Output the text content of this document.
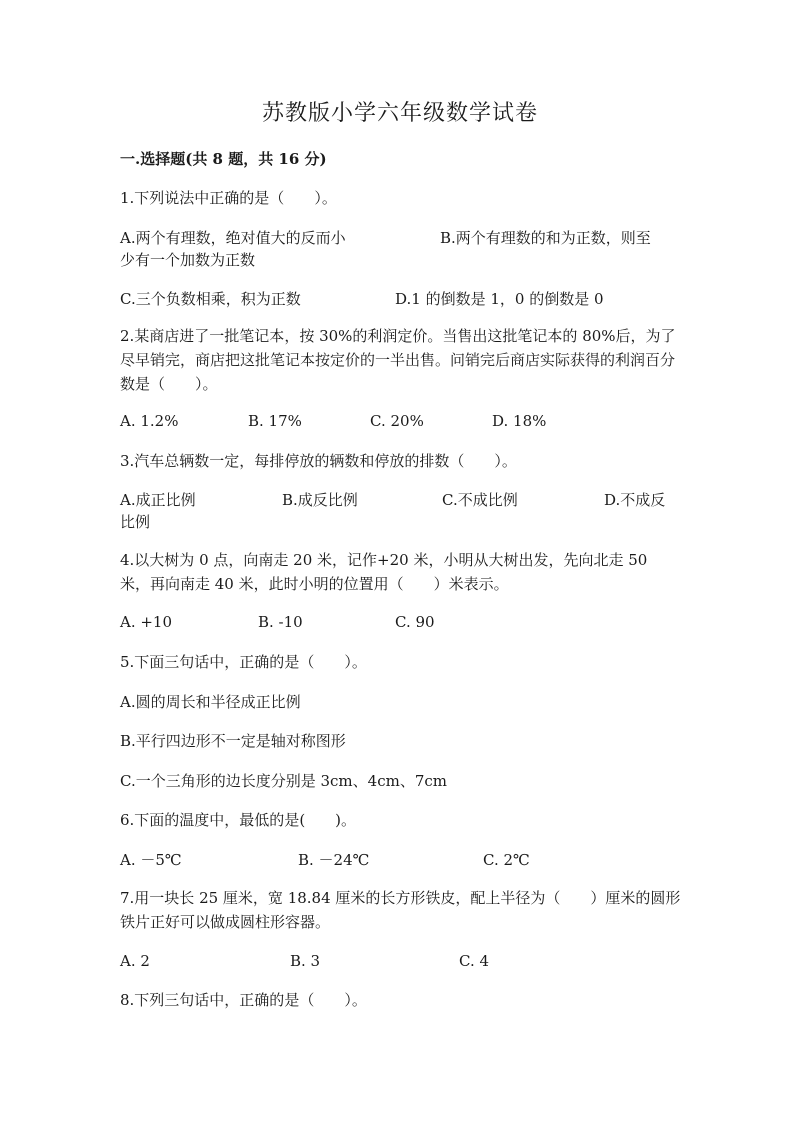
苏教版小学六年级数学试卷
一.选择题(共 8 题，共 16 分)
1.下列说法中正确的是（　　）。
A.两个有理数，绝对值大的反而小	B.两个有理数的和为正数，则至
少有一个加数为正数
C.三个负数相乘，积为正数	D.1 的倒数是 1，0 的倒数是 0
2.某商店进了一批笔记本，按 30%的利润定价。当售出这批笔记本的 80%后，为了尽早销完，商店把这批笔记本按定价的一半出售。问销完后商店实际获得的利润百分数是（　　）。
A. 1.2%	B. 17%	C. 20%	D. 18%
3.汽车总辆数一定，每排停放的辆数和停放的排数（　　）。
A.成正比例	B.成反比例	C.不成比例	D.不成反
比例
4.以大树为 0 点，向南走 20 米，记作+20 米，小明从大树出发，先向北走 50 米，再向南走 40 米，此时小明的位置用（　　）米表示。
A. +10	B. -10	C. 90
5.下面三句话中，正确的是（　　）。
A.圆的周长和半径成正比例
B.平行四边形不一定是轴对称图形
C.一个三角形的边长度分别是 3cm、4cm、7cm
6.下面的温度中，最低的是(　　)。
A. －5℃	B. －24℃	C. 2℃
7.用一块长 25 厘米，宽 18.84 厘米的长方形铁皮，配上半径为（　　）厘米的圆形铁片正好可以做成圆柱形容器。
A. 2	B. 3	C. 4
8.下列三句话中，正确的是（　　）。
